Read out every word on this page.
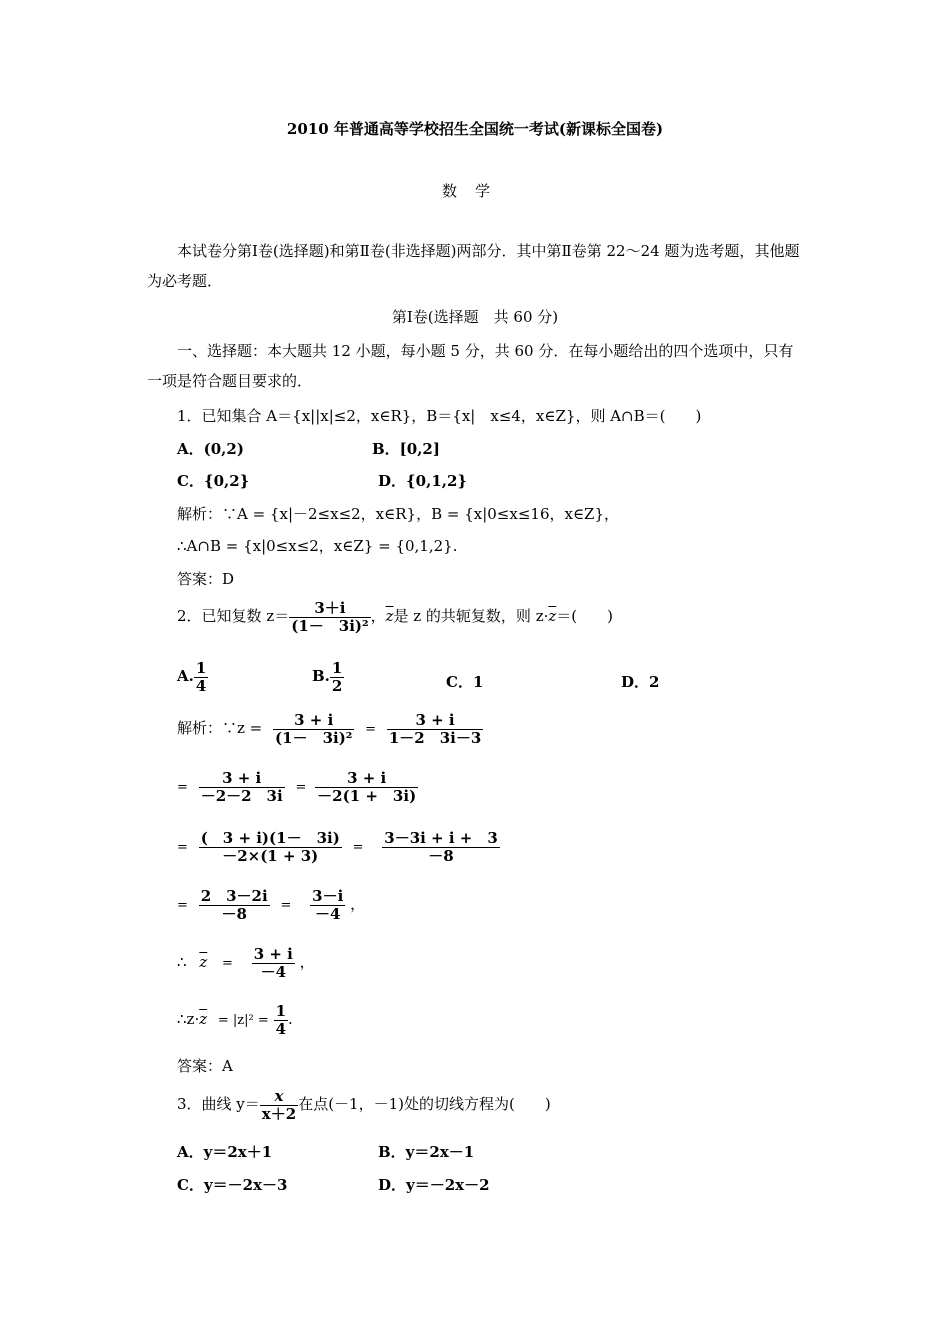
2010 年普通高等学校招生全国统一考试(新课标全国卷)
数学
本试卷分第Ⅰ卷(选择题)和第Ⅱ卷(非选择题)两部分．其中第Ⅱ卷第 22～24 题为选考题，其他题为必考题．
第Ⅰ卷(选择题　共 60 分)
一、选择题：本大题共 12 小题，每小题 5 分，共 60 分．在每小题给出的四个选项中，只有一项是符合题目要求的．
1．已知集合 A＝{x||x|≤2，x∈R}，B＝{x|　x≤4，x∈Z}，则 A∩B＝(　　)
A．(0,2)	B．[0,2]
C．{0,2}	D．{0,1,2}
解析：∵A = {x|－2≤x≤2，x∈R}，B = {x|0≤x≤16，x∈Z}，
∴A∩B = {x|0≤x≤2，x∈Z} = {0,1,2}.
答案：D
2．已知复数 $z= \frac{3+i}{\text{(1－　3i)²}}$ ，$\overline{z}$是 z 的共轭复数，则 $z\cdot\overline{z}=$(　　)
A. $\frac{1}{4}$	B. $\frac{1}{2}$	C．1	D．2
解析：∵z = $\frac{3 + i}{\text{(1－　3i)²}} = \frac{3 + i}{1-2 3i-3}$
= $\frac{3 + i}{-2-2 3i} = \frac{3 + i}{-2(1 + 3i)}$
= $\frac{( 3 + i)(1- 3i)}{-2\times(1 + 3)} = \frac{3-3i + i + 3}{-8}$
= $\frac{2 3-2i}{-8} = \frac{3-i}{-4}$ ，
∴ $\overline{z} = \frac{3 + i}{-4}$ ，
$\therefore z\cdot\overline{z} = |z|^2 = \frac{1}{4}$ .
答案：A
3．曲线 $y= \frac{x}{x+2}$ 在点(－1，－1)处的切线方程为(　　)
A．y＝2x＋1	B．y＝2x－1
C．y＝－2x－3	D．y＝－2x－2
